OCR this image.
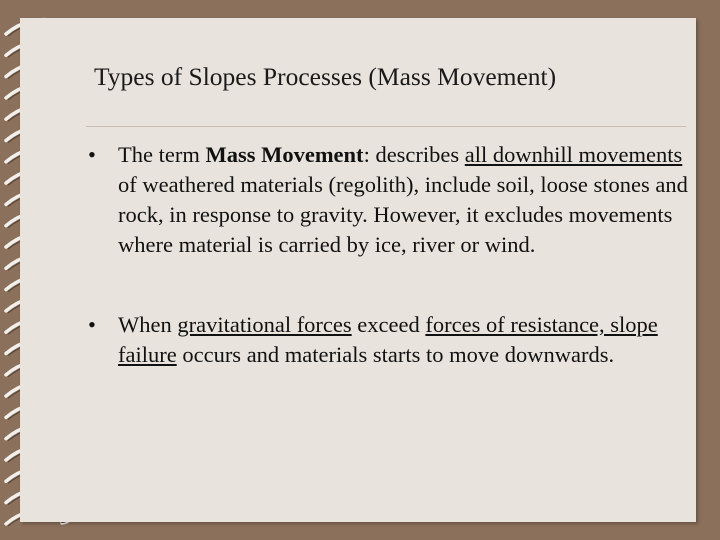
Types of Slopes Processes (Mass Movement)
• The term Mass Movement: describes all downhill movements of weathered materials (regolith), include soil, loose stones and rock, in response to gravity. However, it excludes movements where material is carried by ice, river or wind.
• When gravitational forces exceed forces of resistance, slope failure occurs and materials starts to move downwards.
